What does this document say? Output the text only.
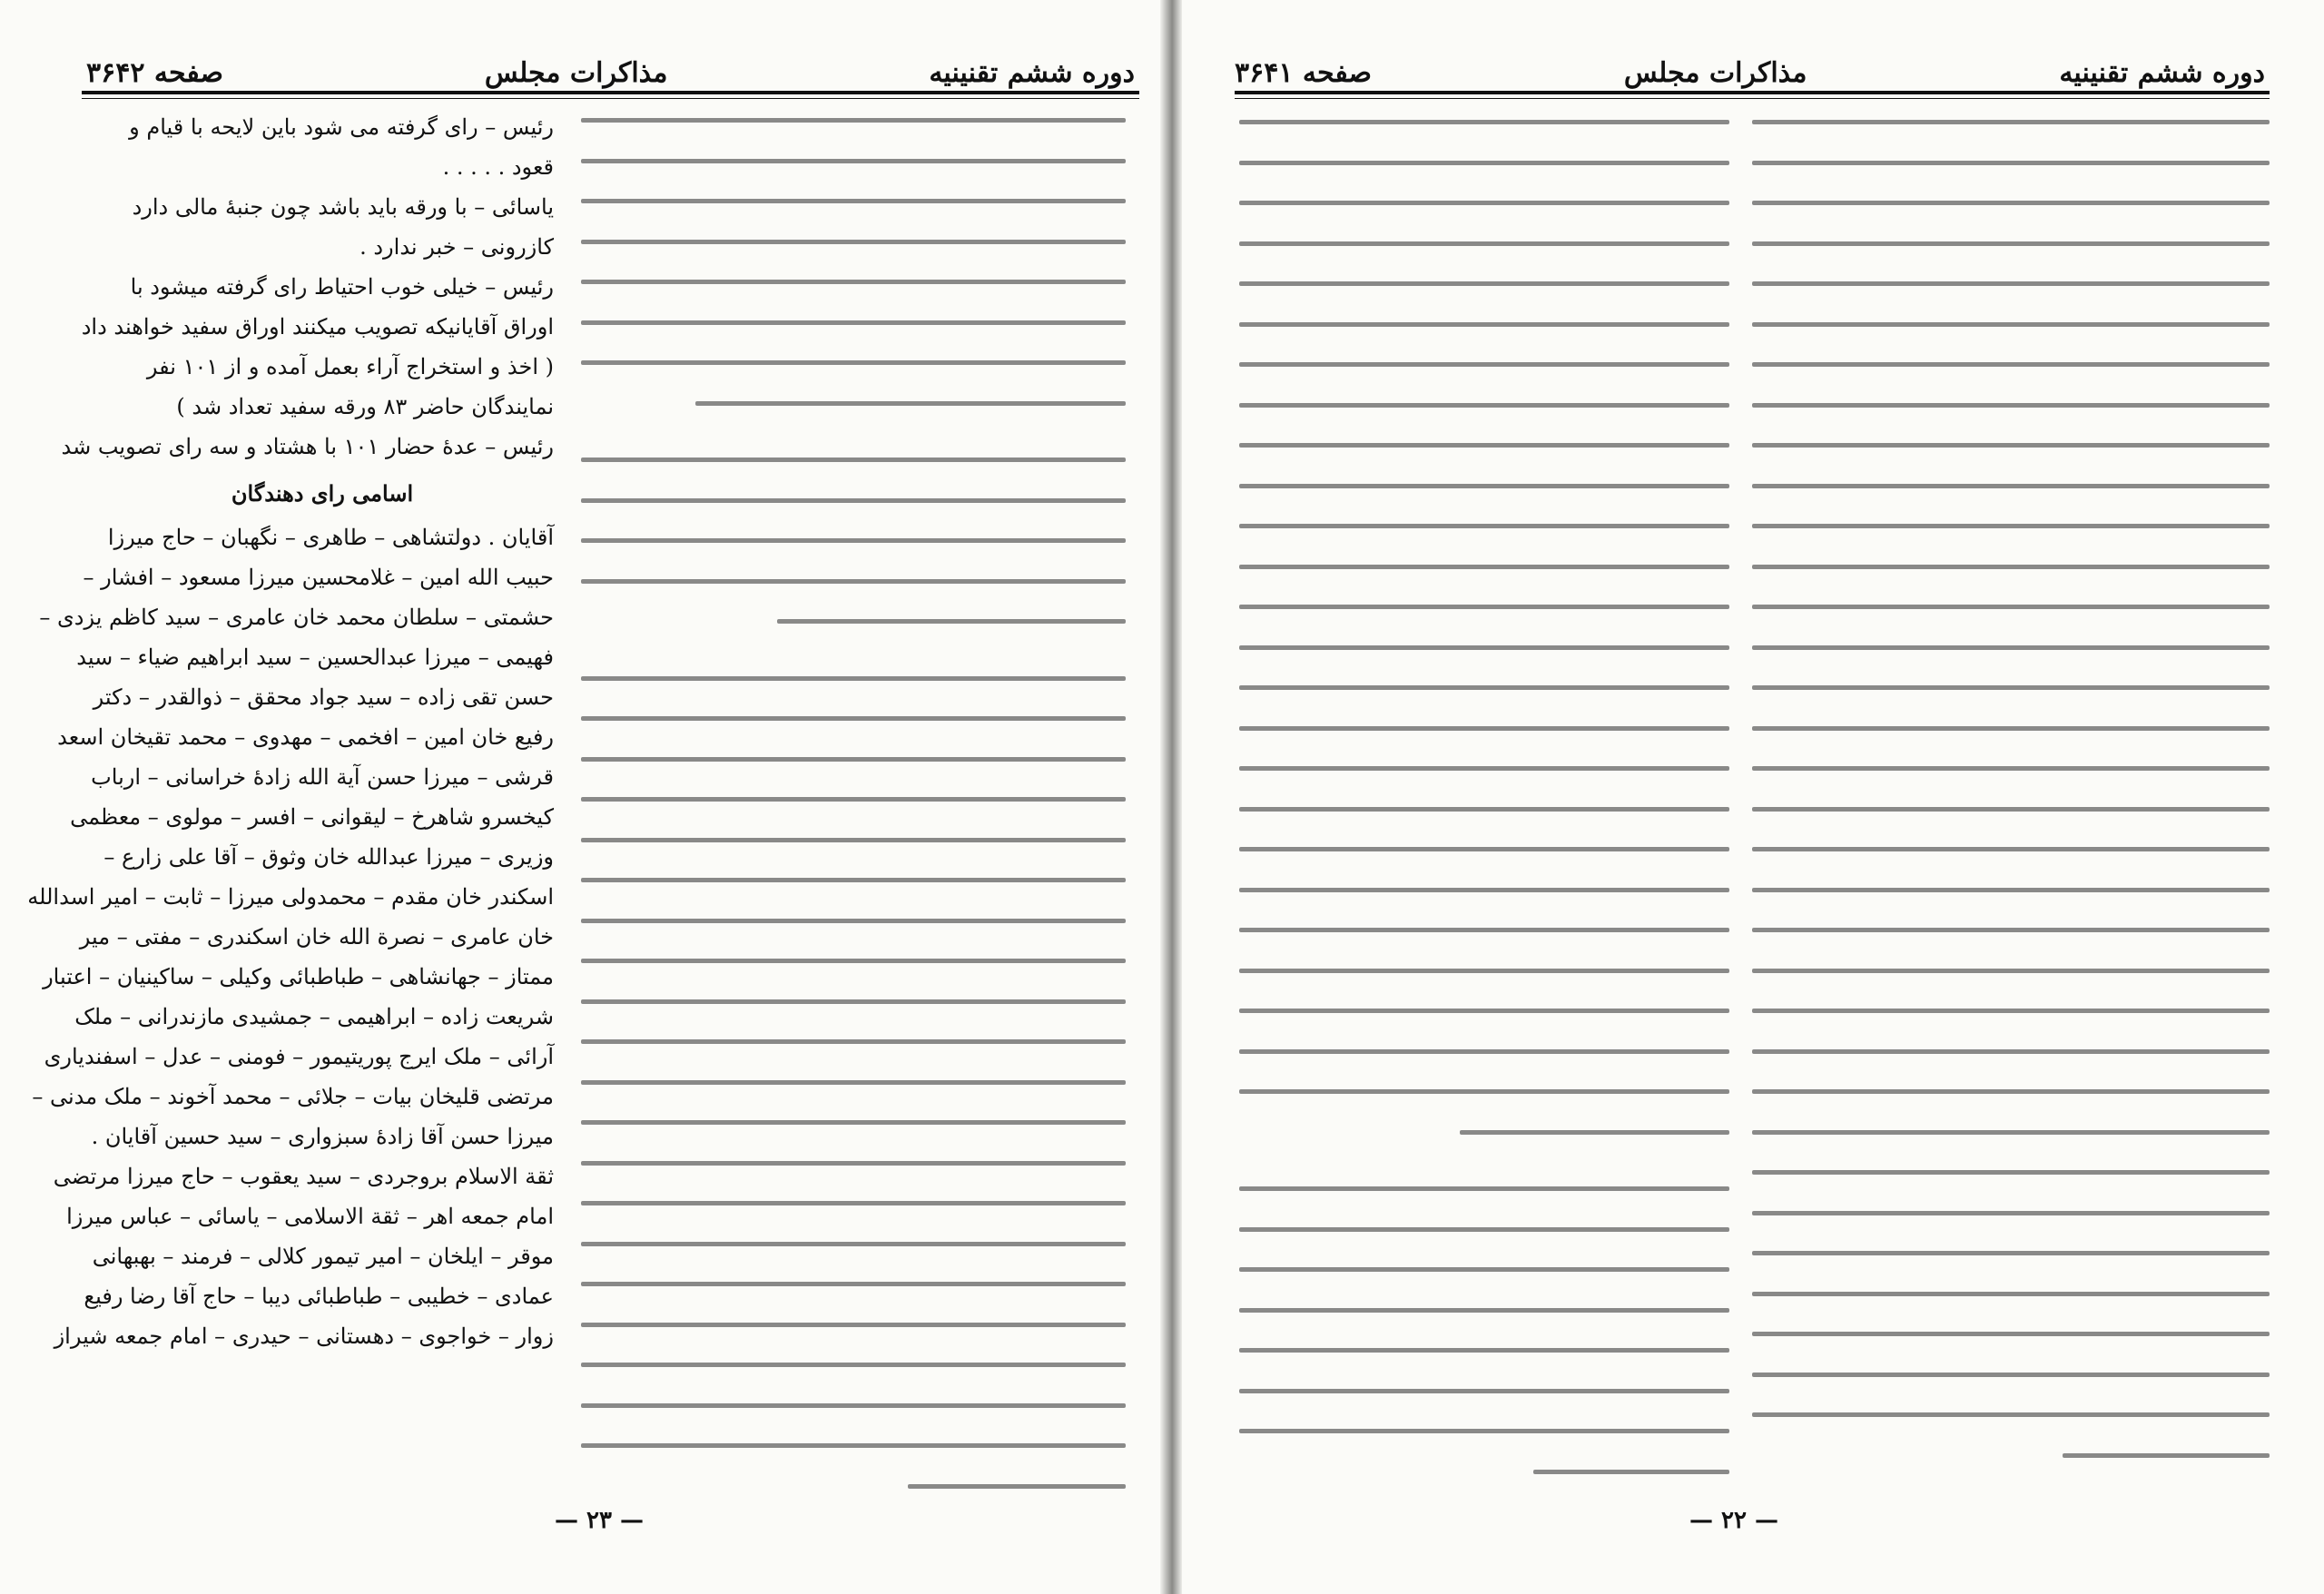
صفحه ۳۶۴۲	مذاکرات مجلس	دوره ششم تقنینیه
رئیس – رای گرفته می شود باین لایحه با قیام و
قعود . . . . .
یاسائی – با ورقه باید باشد چون جنبهٔ مالی دارد
کازرونی – خبر ندارد .
رئیس – خیلی خوب احتیاط رای گرفته میشود با
اوراق آقایانیکه تصویب میکنند اوراق سفید خواهند داد
( اخذ و استخراج آراء بعمل آمده و از ۱۰۱ نفر
نمایندگان حاضر ۸۳ ورقه سفید تعداد شد )
رئیس – عدهٔ حضار ۱۰۱ با هشتاد و سه رای تصویب شد
اسامی رای دهندگان
آقایان . دولتشاهی – طاهری – نگهبان – حاج میرزا
حبیب الله امین – غلامحسین میرزا مسعود – افشار –
حشمتی – سلطان محمد خان عامری – سید کاظم یزدی –
فهیمی – میرزا عبدالحسین – سید ابراهیم ضیاء – سید
حسن تقی زاده – سید جواد محقق – ذوالقدر – دکتر
رفیع خان امین – افخمی – مهدوی – محمد تقیخان اسعد
قرشی – میرزا حسن آیة الله زادهٔ خراسانی – ارباب
کیخسرو شاهرخ – لیقوانی – افسر – مولوی – معظمی
وزیری – میرزا عبدالله خان وثوق – آقا علی زارع –
اسکندر خان مقدم – محمدولی میرزا – ثابت – امیر اسدالله
خان عامری – نصرة الله خان اسکندری – مفتی – میر
ممتاز – جهانشاهی – طباطبائی وکیلی – ساکینیان – اعتبار
شریعت زاده – ابراهیمی – جمشیدی مازندرانی – ملک
آرائی – ملک ایرج پوریتیمور – فومنی – عدل – اسفندیاری
مرتضی قلیخان بیات – جلائی – محمد آخوند – ملک مدنی –
میرزا حسن آقا زادهٔ سبزواری – سید حسین آقایان .
ثقة الاسلام بروجردی – سید یعقوب – حاج میرزا مرتضی
امام جمعه اهر – ثقة الاسلامی – یاسائی – عباس میرزا
موقر – ایلخان – امیر تیمور کلالی – فرمند – بهبهانی
عمادی – خطیبی – طباطبائی دیبا – حاج آقا رضا رفیع
زوار – خواجوی – دهستانی – حیدری – امام جمعه شیراز
— ۲۳ —
صفحه ۳۶۴۱	مذاکرات مجلس	دوره ششم تقنینیه
— ۲۲ —
